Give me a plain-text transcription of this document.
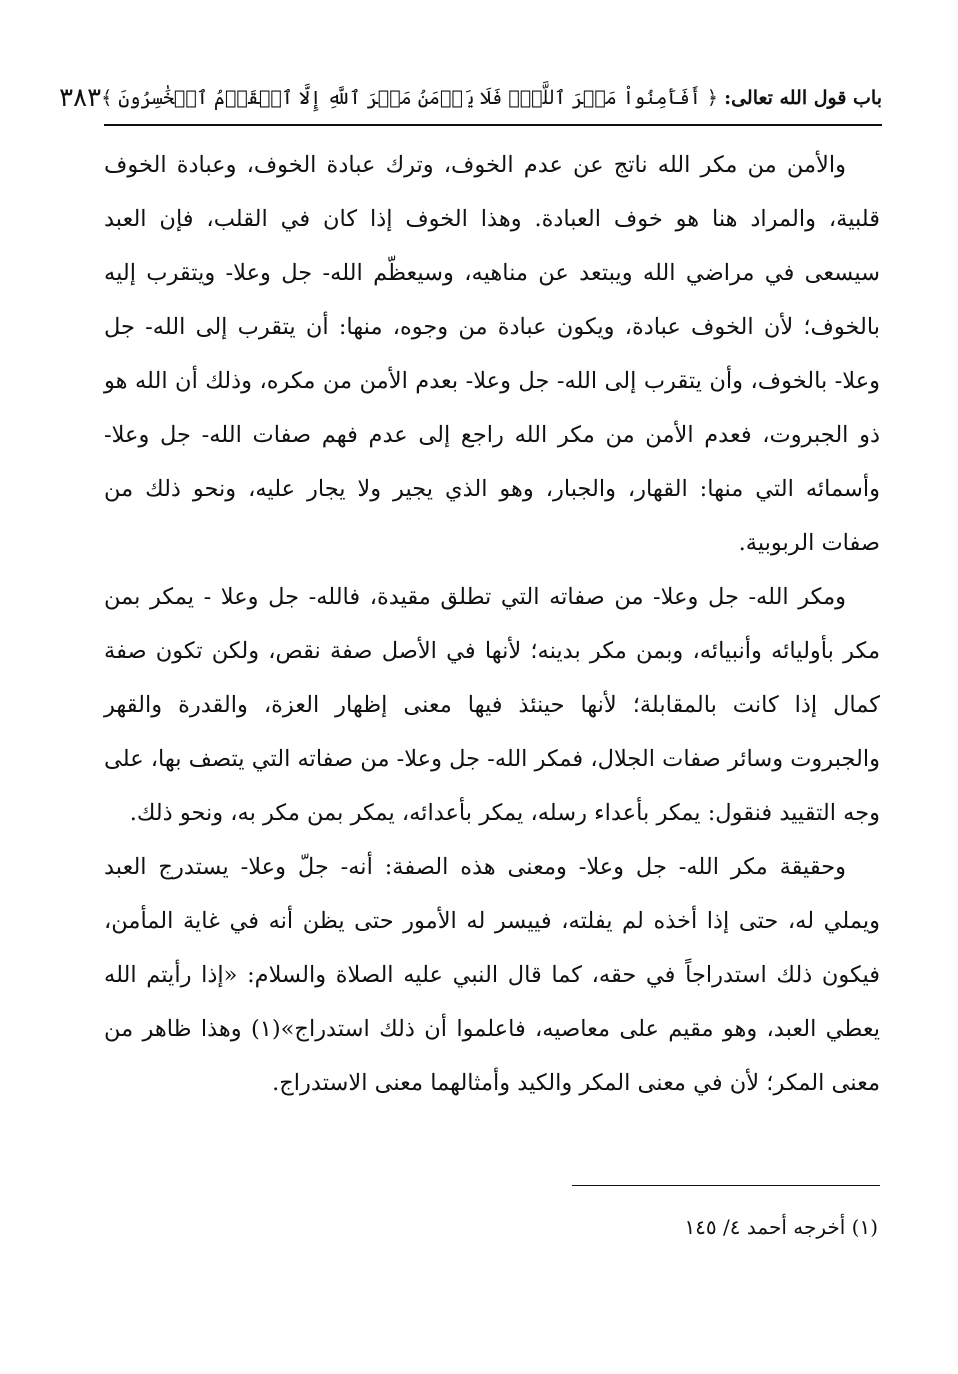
باب قول الله تعالى: ﴿ أَفَأَمِنُواْ مَكۡرَ ٱللَّهِۚ فَلَا يَأۡمَنُ مَكۡرَ ٱللَّهِ إِلَّا ٱلۡقَوۡمُ ٱلۡخَٰسِرُونَ ﴾
٣٨٣

والأمن من مكر الله ناتج عن عدم الخوف، وترك عبادة الخوف، وعبادة الخوف قلبية، والمراد هنا هو خوف العبادة. وهذا الخوف إذا كان في القلب، فإن العبد سيسعى في مراضي الله ويبتعد عن مناهيه، وسيعظّم الله- جل وعلا- ويتقرب إليه بالخوف؛ لأن الخوف عبادة، ويكون عبادة من وجوه، منها: أن يتقرب إلى الله- جل وعلا- بالخوف، وأن يتقرب إلى الله- جل وعلا- بعدم الأمن من مكره، وذلك أن الله هو ذو الجبروت، فعدم الأمن من مكر الله راجع إلى عدم فهم صفات الله- جل وعلا- وأسمائه التي منها: القهار، والجبار، وهو الذي يجير ولا يجار عليه، ونحو ذلك من صفات الربوبية.

ومكر الله- جل وعلا- من صفاته التي تطلق مقيدة، فالله- جل وعلا - يمكر بمن مكر بأوليائه وأنبيائه، وبمن مكر بدينه؛ لأنها في الأصل صفة نقص، ولكن تكون صفة كمال إذا كانت بالمقابلة؛ لأنها حينئذ فيها معنى إظهار العزة، والقدرة والقهر والجبروت وسائر صفات الجلال، فمكر الله- جل وعلا- من صفاته التي يتصف بها، على وجه التقييد فنقول: يمكر بأعداء رسله، يمكر بأعدائه، يمكر بمن مكر به، ونحو ذلك.

وحقيقة مكر الله- جل وعلا- ومعنى هذه الصفة: أنه- جلّ وعلا- يستدرج العبد ويملي له، حتى إذا أخذه لم يفلته، فييسر له الأمور حتى يظن أنه في غاية المأمن، فيكون ذلك استدراجاً في حقه، كما قال النبي عليه الصلاة والسلام: «إذا رأيتم الله يعطي العبد، وهو مقيم على معاصيه، فاعلموا أن ذلك استدراج»(١) وهذا ظاهر من معنى المكر؛ لأن في معنى المكر والكيد وأمثالهما معنى الاستدراج.

(١) أخرجه أحمد ٤/ ١٤٥
